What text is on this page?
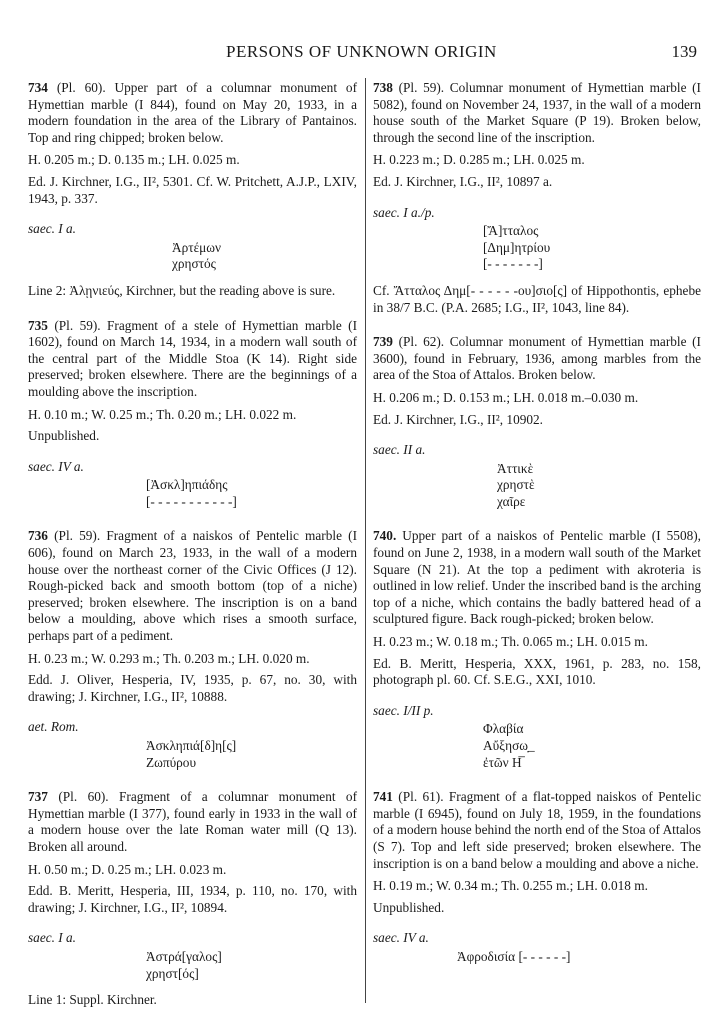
PERSONS OF UNKNOWN ORIGIN	139

734 (Pl. 60). Upper part of a columnar monument of Hymettian marble (I 844), found on May 20, 1933, in a modern foundation in the area of the Library of Pantainos. Top and ring chipped; broken below.

H. 0.205 m.; D. 0.135 m.; LH. 0.025 m.

Ed. J. Kirchner, I.G., II², 5301. Cf. W. Pritchett, A.J.P., LXIV, 1943, p. 337.

saec. I a.

Ἀρτέμων
χρηστός

Line 2: Ἀλῃνιεύς, Kirchner, but the reading above is sure.

735 (Pl. 59). Fragment of a stele of Hymettian marble (I 1602), found on March 14, 1934, in a modern wall south of the central part of the Middle Stoa (K 14). Right side preserved; broken elsewhere. There are the beginnings of a moulding above the inscription.

H. 0.10 m.; W. 0.25 m.; Th. 0.20 m.; LH. 0.022 m.

Unpublished.

saec. IV a.

[Ἀσκλ]ηπιάδης
[- - - - - - - - - - -]

736 (Pl. 59). Fragment of a naiskos of Pentelic marble (I 606), found on March 23, 1933, in the wall of a modern house over the northeast corner of the Civic Offices (J 12). Rough-picked back and smooth bottom (top of a niche) preserved; broken elsewhere. The inscription is on a band below a moulding, above which rises a smooth surface, perhaps part of a pediment.

H. 0.23 m.; W. 0.293 m.; Th. 0.203 m.; LH. 0.020 m.

Edd. J. Oliver, Hesperia, IV, 1935, p. 67, no. 30, with drawing; J. Kirchner, I.G., II², 10888.

aet. Rom.

Ἀσκληπιά[δ]η[ς]
Ζωπύρου

737 (Pl. 60). Fragment of a columnar monument of Hymettian marble (I 377), found early in 1933 in the wall of a modern house over the late Roman water mill (Q 13). Broken all around.

H. 0.50 m.; D. 0.25 m.; LH. 0.023 m.

Edd. B. Meritt, Hesperia, III, 1934, p. 110, no. 170, with drawing; J. Kirchner, I.G., II², 10894.

saec. I a.

Ἀστρά[γαλος]
χρηστ[ός]

Line 1: Suppl. Kirchner.

738 (Pl. 59). Columnar monument of Hymettian marble (I 5082), found on November 24, 1937, in the wall of a modern house south of the Market Square (P 19). Broken below, through the second line of the inscription.

H. 0.223 m.; D. 0.285 m.; LH. 0.025 m.

Ed. J. Kirchner, I.G., II², 10897 a.

saec. I a./p.

[Ἄ]τταλος
[Δημ]ητρίου
[- - - - - - -]

Cf. Ἄτταλος Δημ[- - - - - -ου]σιο[ς] of Hippothontis, ephebe in 38/7 B.C. (P.A. 2685; I.G., II², 1043, line 84).

739 (Pl. 62). Columnar monument of Hymettian marble (I 3600), found in February, 1936, among marbles from the area of the Stoa of Attalos. Broken below.

H. 0.206 m.; D. 0.153 m.; LH. 0.018 m.–0.030 m.

Ed. J. Kirchner, I.G., II², 10902.

saec. II a.

Ἀττικὲ
χρηστὲ
χαῖρε

740. Upper part of a naiskos of Pentelic marble (I 5508), found on June 2, 1938, in a modern wall south of the Market Square (N 21). At the top a pediment with akroteria is outlined in low relief. Under the inscribed band is the arching top of a niche, which contains the badly battered head of a sculptured figure. Back rough-picked; broken below.

H. 0.23 m.; W. 0.18 m.; Th. 0.065 m.; LH. 0.015 m.

Ed. B. Meritt, Hesperia, XXX, 1961, p. 283, no. 158, photograph pl. 60. Cf. S.E.G., XXI, 1010.

saec. I/II p.

Φλαβία
Αὔξησω̣_
ἐτῶν Η̅

741 (Pl. 61). Fragment of a flat-topped naiskos of Pentelic marble (I 6945), found on July 18, 1959, in the foundations of a modern house behind the north end of the Stoa of Attalos (S 7). Top and left side preserved; broken elsewhere. The inscription is on a band below a moulding and above a niche.

H. 0.19 m.; W. 0.34 m.; Th. 0.255 m.; LH. 0.018 m.

Unpublished.

saec. IV a.

Ἀφροδισία [- - - - - -]
